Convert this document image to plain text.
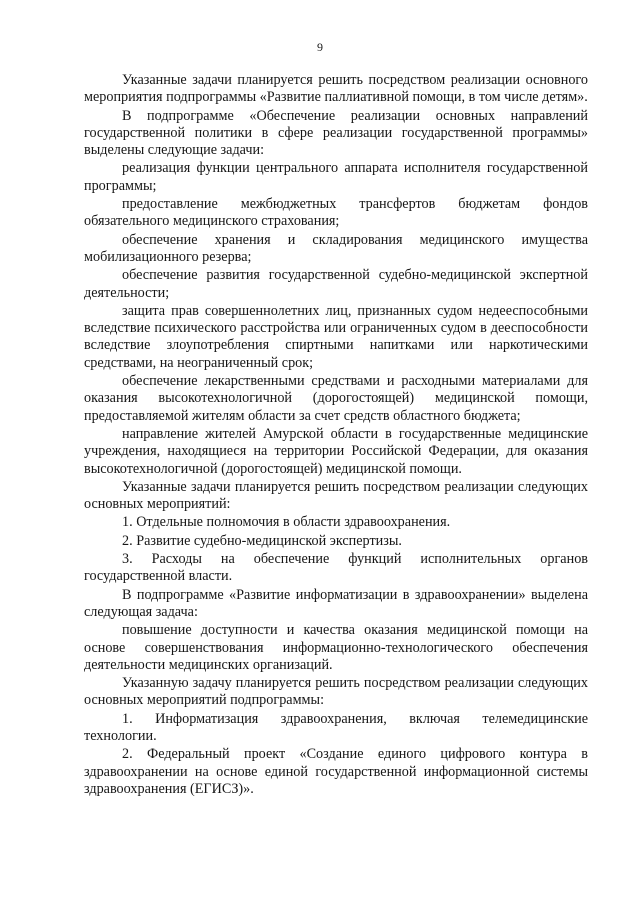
9

Указанные задачи планируется решить посредством реализации основного мероприятия подпрограммы «Развитие паллиативной помощи, в том числе детям».

В подпрограмме «Обеспечение реализации основных направлений государственной политики в сфере реализации государственной программы» выделены следующие задачи:

реализация функции центрального аппарата исполнителя государственной программы;

предоставление межбюджетных трансфертов бюджетам фондов обязательного медицинского страхования;

обеспечение хранения и складирования медицинского имущества мобилизационного резерва;

обеспечение развития государственной судебно-медицинской экспертной деятельности;

защита прав совершеннолетних лиц, признанных судом недееспособными вследствие психического расстройства или ограниченных судом в дееспособности вследствие злоупотребления спиртными напитками или наркотическими средствами, на неограниченный срок;

обеспечение лекарственными средствами и расходными материалами для оказания высокотехнологичной (дорогостоящей) медицинской помощи, предоставляемой жителям области за счет средств областного бюджета;

направление жителей Амурской области в государственные медицинские учреждения, находящиеся на территории Российской Федерации, для оказания высокотехнологичной (дорогостоящей) медицинской помощи.

Указанные задачи планируется решить посредством реализации следующих основных мероприятий:

1. Отдельные полномочия в области здравоохранения.

2. Развитие судебно-медицинской экспертизы.

3. Расходы на обеспечение функций исполнительных органов государственной власти.

В подпрограмме «Развитие информатизации в здравоохранении» выделена следующая задача:

повышение доступности и качества оказания медицинской помощи на основе совершенствования информационно-технологического обеспечения деятельности медицинских организаций.

Указанную задачу планируется решить посредством реализации следующих основных мероприятий подпрограммы:

1. Информатизация здравоохранения, включая телемедицинские технологии.

2. Федеральный проект «Создание единого цифрового контура в здравоохранении на основе единой государственной информационной системы здравоохранения (ЕГИСЗ)».
